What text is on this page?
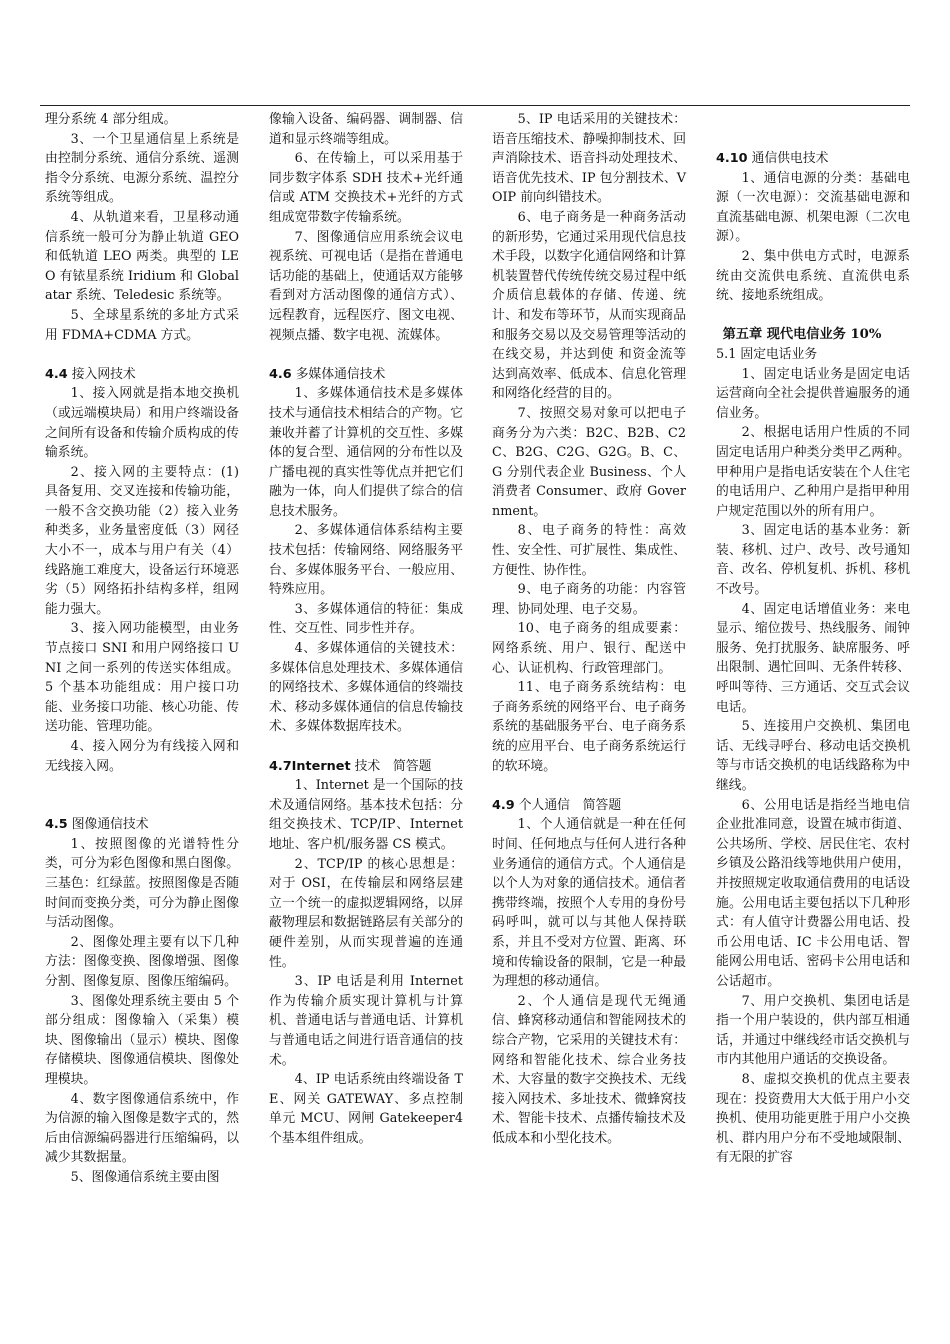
理分系统 4 部分组成。

3、一个卫星通信星上系统是由控制分系统、通信分系统、遥测指令分系统、电源分系统、温控分系统等组成。

4、从轨道来看，卫星移动通信系统一般可分为静止轨道 GEO 和低轨道 LEO 两类。典型的 LEO 有铱星系统 Iridium 和 Globalatar 系统、Teledesic 系统等。

5、全球星系统的多址方式采用 FDMA+CDMA 方式。

4.4 接入网技术

1、接入网就是指本地交换机（或远端模块局）和用户终端设备之间所有设备和传输介质构成的传输系统。

2、接入网的主要特点：(1) 具备复用、交叉连接和传输功能，一般不含交换功能（2）接入业务种类多，业务量密度低（3）网径大小不一，成本与用户有关（4）线路施工难度大，设备运行环境恶劣（5）网络拓扑结构多样，组网能力强大。

3、接入网功能模型，由业务节点接口 SNI 和用户网络接口 UNI 之间一系列的传送实体组成。5 个基本功能组成：用户接口功能、业务接口功能、核心功能、传送功能、管理功能。

4、接入网分为有线接入网和无线接入网。

4.5 图像通信技术

1、按照图像的光谱特性分类，可分为彩色图像和黑白图像。三基色：红绿蓝。按照图像是否随时间而变换分类，可分为静止图像与活动图像。

2、图像处理主要有以下几种方法：图像变换、图像增强、图像分割、图像复原、图像压缩编码。

3、图像处理系统主要由 5 个部分组成：图像输入（采集）模块、图像输出（显示）模块、图像存储模块、图像通信模块、图像处理模块。

4、数字图像通信系统中，作为信源的输入图像是数字式的，然后由信源编码器进行压缩编码，以减少其数据量。

5、图像通信系统主要由图

像输入设备、编码器、调制器、信道和显示终端等组成。

6、在传输上，可以采用基于同步数字体系 SDH 技术+光纤通信或 ATM 交换技术+光纤的方式组成宽带数字传输系统。

7、图像通信应用系统会议电视系统、可视电话（是指在普通电话功能的基础上，使通话双方能够看到对方活动图像的通信方式）、远程教育，远程医疗、图文电视、视频点播、数字电视、流媒体。

4.6 多媒体通信技术

1、多媒体通信技术是多媒体技术与通信技术相结合的产物。它兼收并蓄了计算机的交互性、多媒体的复合型、通信网的分布性以及广播电视的真实性等优点并把它们融为一体，向人们提供了综合的信息技术服务。

2、多媒体通信体系结构主要技术包括：传输网络、网络服务平台、多媒体服务平台、一般应用、特殊应用。

3、多媒体通信的特征：集成性、交互性、同步性并存。

4、多媒体通信的关键技术：多媒体信息处理技术、多媒体通信的网络技术、多媒体通信的终端技术、移动多媒体通信的信息传输技术、多媒体数据库技术。

4.7Internet 技术　简答题

1、Internet 是一个国际的技术及通信网络。基本技术包括：分组交换技术、TCP/IP、Internet 地址、客户机/服务器 CS 模式。

2、TCP/IP 的核心思想是：对于 OSI，在传输层和网络层建立一个统一的虚拟逻辑网络，以屏蔽物理层和数据链路层有关部分的硬件差别，从而实现普遍的连通性。

3、IP 电话是利用 Internet 作为传输介质实现计算机与计算机、普通电话与普通电话、计算机与普通电话之间进行语音通信的技术。

4、IP 电话系统由终端设备 TE、网关 GATEWAY、多点控制单元 MCU、网闸 Gatekeeper4 个基本组件组成。

5、IP 电话采用的关键技术：语音压缩技术、静噪抑制技术、回声消除技术、语音抖动处理技术、语音优先技术、IP 包分割技术、VOIP 前向纠错技术。

6、电子商务是一种商务活动的新形势，它通过采用现代信息技术手段，以数字化通信网络和计算机装置替代传统传统交易过程中纸介质信息载体的存储、传递、统计、和发布等环节，从而实现商品和服务交易以及交易管理等活动的在线交易，并达到使 和资金流等达到高效率、低成本、信息化管理和网络化经营的目的。

7、按照交易对象可以把电子商务分为六类：B2C、B2B、C2C、B2G、C2G、G2G。B、C、G 分别代表企业 Business、个人消费者 Consumer、政府 Government。

8、电子商务的特性：高效性、安全性、可扩展性、集成性、方便性、协作性。

9、电子商务的功能：内容管理、协同处理、电子交易。

10、电子商务的组成要素：网络系统、用户、银行、配送中心、认证机构、行政管理部门。

11、电子商务系统结构：电子商务系统的网络平台、电子商务系统的基础服务平台、电子商务系统的应用平台、电子商务系统运行的软环境。

4.9 个人通信　简答题

1、个人通信就是一种在任何时间、任何地点与任何人进行各种业务通信的通信方式。个人通信是以个人为对象的通信技术。通信者携带终端，按照个人专用的身份号码呼叫，就可以与其他人保持联系，并且不受对方位置、距离、环境和传输设备的限制，它是一种最为理想的移动通信。

2、个人通信是现代无绳通信、蜂窝移动通信和智能网技术的综合产物，它采用的关键技术有：网络和智能化技术、综合业务技术、大容量的数字交换技术、无线接入网技术、多址技术、微蜂窝技术、智能卡技术、点播传输技术及低成本和小型化技术。

4.10 通信供电技术

1、通信电源的分类：基础电源（一次电源）：交流基础电源和直流基础电源、机架电源（二次电源）。

2、集中供电方式时，电源系统由交流供电系统、直流供电系统、接地系统组成。

第五章 现代电信业务 10%
5.1 固定电话业务

1、固定电话业务是固定电话运营商向全社会提供普遍服务的通信业务。

2、根据电话用户性质的不同固定电话用户种类分类甲乙两种。甲种用户是指电话安装在个人住宅的电话用户、乙种用户是指甲种用户规定范围以外的所有用户。

3、固定电话的基本业务：新装、移机、过户、改号、改号通知音、改名、停机复机、拆机、移机不改号。

4、固定电话增值业务：来电显示、缩位拨号、热线服务、闹钟服务、免打扰服务、缺席服务、呼出限制、遇忙回叫、无条件转移、呼叫等待、三方通话、交互式会议电话。

5、连接用户交换机、集团电话、无线寻呼台、移动电话交换机等与市话交换机的电话线路称为中继线。

6、公用电话是指经当地电信企业批准同意，设置在城市街道、公共场所、学校、居民住宅、农村乡镇及公路沿线等地供用户使用，并按照规定收取通信费用的电话设施。公用电话主要包括以下几种形式：有人值守计费器公用电话、投币公用电话、IC 卡公用电话、智能网公用电话、密码卡公用电话和公话超市。

7、用户交换机、集团电话是指一个用户装设的，供内部互相通话，并通过中继线经市话交换机与市内其他用户通话的交换设备。

8、虚拟交换机的优点主要表现在：投资费用大大低于用户小交换机、使用功能更胜于用户小交换机、群内用户分布不受地域限制、有无限的扩容
